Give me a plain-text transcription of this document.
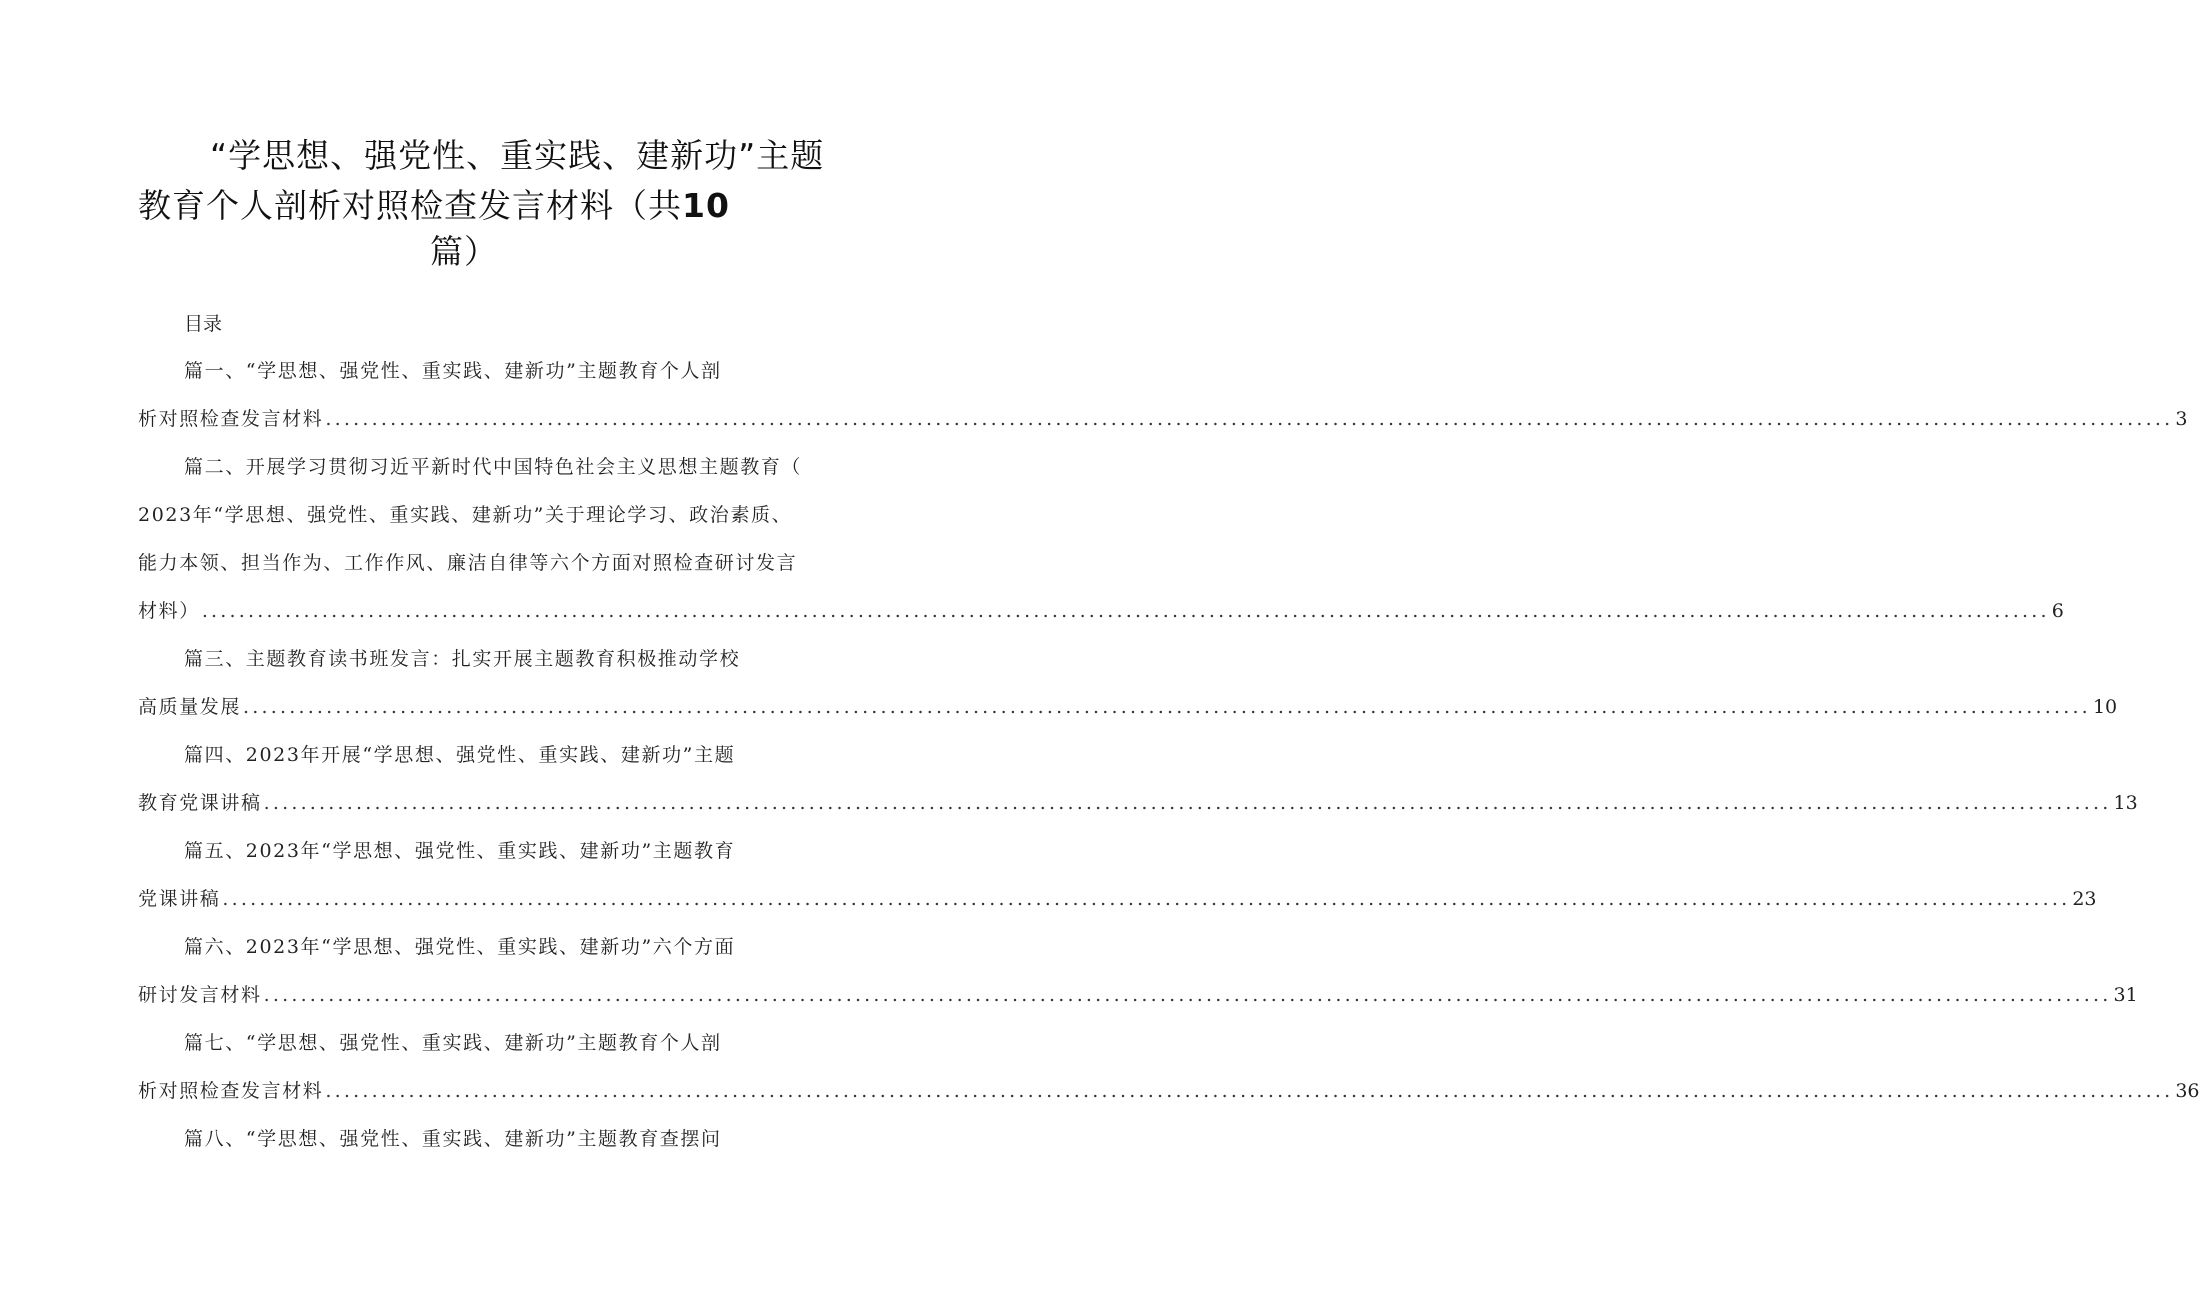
“学思想、强党性、重实践、建新功”主题
教育个人剖析对照检查发言材料（共10
篇）
目录
篇一、“学思想、强党性、重实践、建新功”主题教育个人剖
析对照检查发言材料 ........................................................................................................................................................................................................ 3
篇二、开展学习贯彻习近平新时代中国特色社会主义思想主题教育（
2023年“学思想、强党性、重实践、建新功”关于理论学习、政治素质、
能力本领、担当作为、工作作风、廉洁自律等六个方面对照检查研讨发言
材料） ........................................................................................................................................................................................................ 6
篇三、主题教育读书班发言：扎实开展主题教育积极推动学校
高质量发展 ........................................................................................................................................................................................................ 10
篇四、2023年开展“学思想、强党性、重实践、建新功”主题
教育党课讲稿 ........................................................................................................................................................................................................ 13
篇五、2023年“学思想、强党性、重实践、建新功”主题教育
党课讲稿 ........................................................................................................................................................................................................ 23
篇六、2023年“学思想、强党性、重实践、建新功”六个方面
研讨发言材料 ........................................................................................................................................................................................................ 31
篇七、“学思想、强党性、重实践、建新功”主题教育个人剖
析对照检查发言材料 ........................................................................................................................................................................................................ 36
篇八、“学思想、强党性、重实践、建新功”主题教育查摆问
